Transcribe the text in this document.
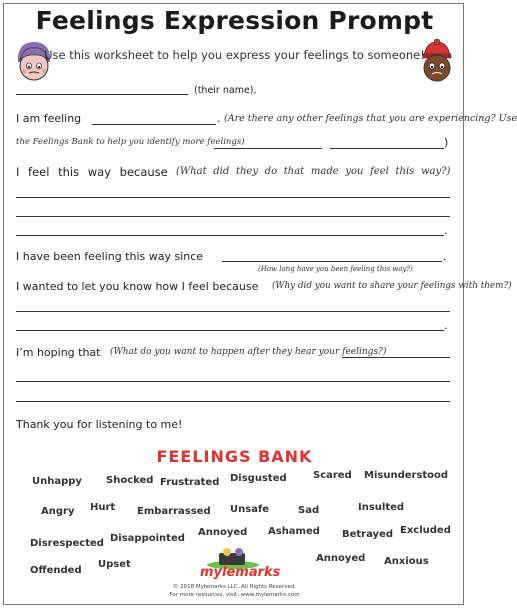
Feelings Expression Prompt
Use this worksheet to help you express your feelings to someone!
(their name),
I am feeling	. (Are there any other feelings that you are experiencing? Use
the Feelings Bank to help you identify more feelings)	)
I feel this way because (What did they do that made you feel this way?)
.
I have been feeling this way since	.
(How long have you been feeling this way?)
I wanted to let you know how I feel because (Why did you want to share your feelings with them?)
.
I’m hoping that (What do you want to happen after they hear your feelings?)
Thank you for listening to me!
FEELINGS BANK
Unhappy Shocked Frustrated Disgusted	Scared Misunderstood
Angry Hurt Embarrassed Unsafe	Sad	Insulted
Disrespected Disappointed
Annoyed Ashamed Betrayed Excluded
Offended
Upset
Annoyed Anxious
mylemarks
© 2018 Mylemarks LLC. All Rights Reserved.
For more resources, visit: www.mylemarks.com
